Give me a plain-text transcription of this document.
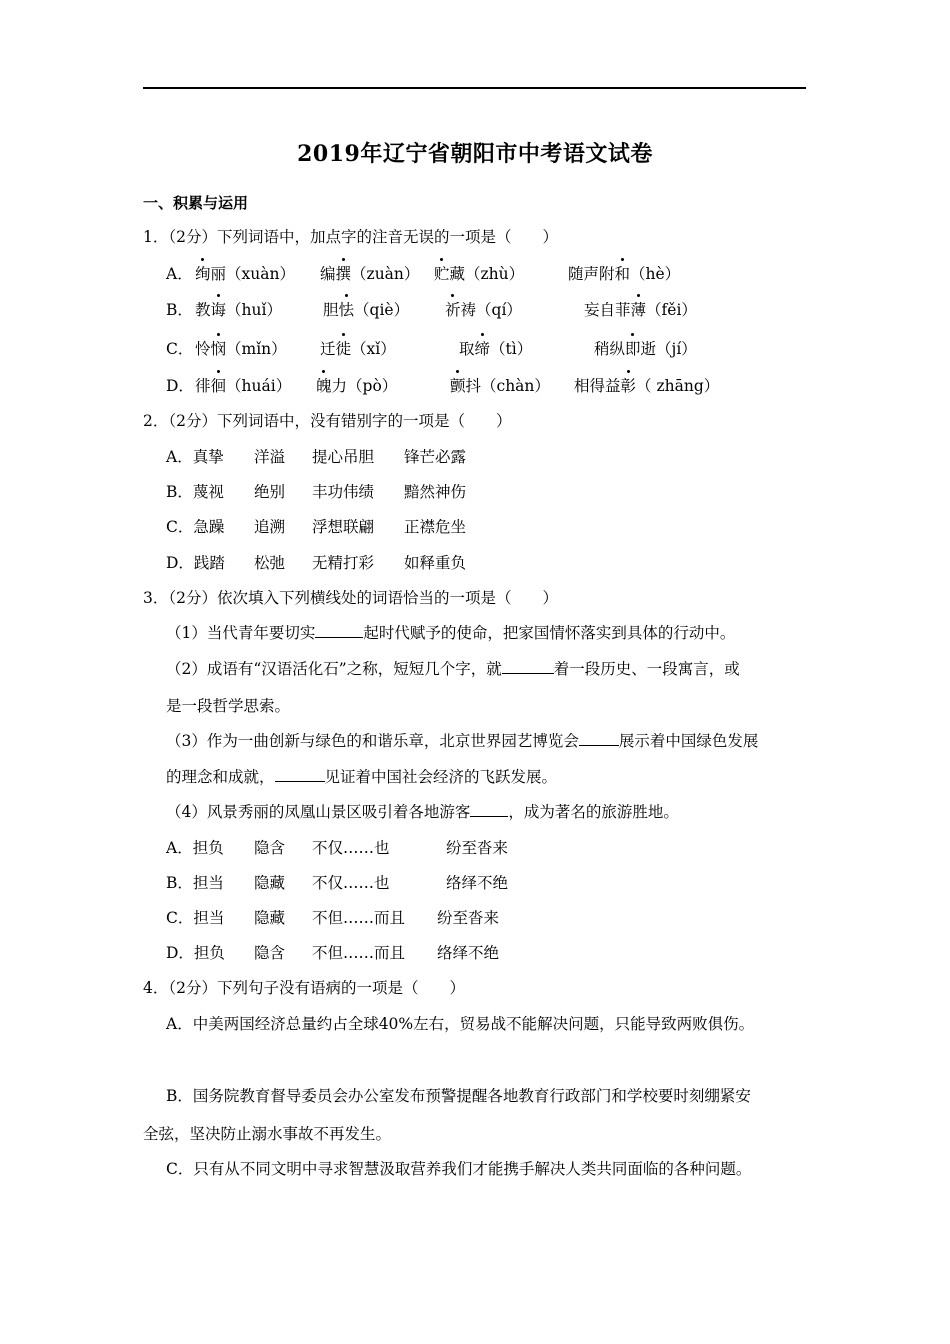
2019年辽宁省朝阳市中考语文试卷
一、积累与运用
1．（2分）下列词语中，加点字的注音无误的一项是（　　）
A． 绚丽（xuàn） 编撰（zuàn） 贮藏（zhù）	随声附和（hè）
B． 教诲（huǐ）	胆怯（qiè） 祈祷（qí）	妄自菲薄（fěi）
C． 怜悯（mǐn） 迁徙（xǐ）	取缔（tì）	稍纵即逝（jí）
D． 徘徊（huái） 魄力（pò）	颤抖（chàn） 相得益彰（ zhāng）
2．（2分）下列词语中，没有错别字的一项是（　　）
A．真挚 洋溢 提心吊胆 锋芒必露
B．蔑视 绝别 丰功伟绩 黯然神伤
C．急躁 追溯 浮想联翩 正襟危坐
D．践踏 松弛 无精打彩 如释重负
3．（2分）依次填入下列横线处的词语恰当的一项是（　　）
（1）当代青年要切实	起时代赋予的使命，把家国情怀落实到具体的行动中。
（2）成语有“汉语活化石”之称，短短几个字，就	着一段历史、一段寓言，或
是一段哲学思索。
（3）作为一曲创新与绿色的和谐乐章，北京世界园艺博览会	展示着中国绿色发展
的理念和成就，	见证着中国社会经济的飞跃发展。
（4）风景秀丽的凤凰山景区吸引着各地游客 ，成为著名的旅游胜地。
A．担负 隐含 不仅……也	纷至沓来
B．担当 隐藏 不仅……也	络绎不绝
C．担当 隐藏 不但……而且 纷至沓来
D．担负 隐含 不但……而且 络绎不绝
4．（2分）下列句子没有语病的一项是（　　）
A．中美两国经济总量约占全球40%左右，贸易战不能解决问题，只能导致两败俱伤。
B．国务院教育督导委员会办公室发布预警提醒各地教育行政部门和学校要时刻绷紧安
全弦，坚决防止溺水事故不再发生。
C．只有从不同文明中寻求智慧汲取营养我们才能携手解决人类共同面临的各种问题。
